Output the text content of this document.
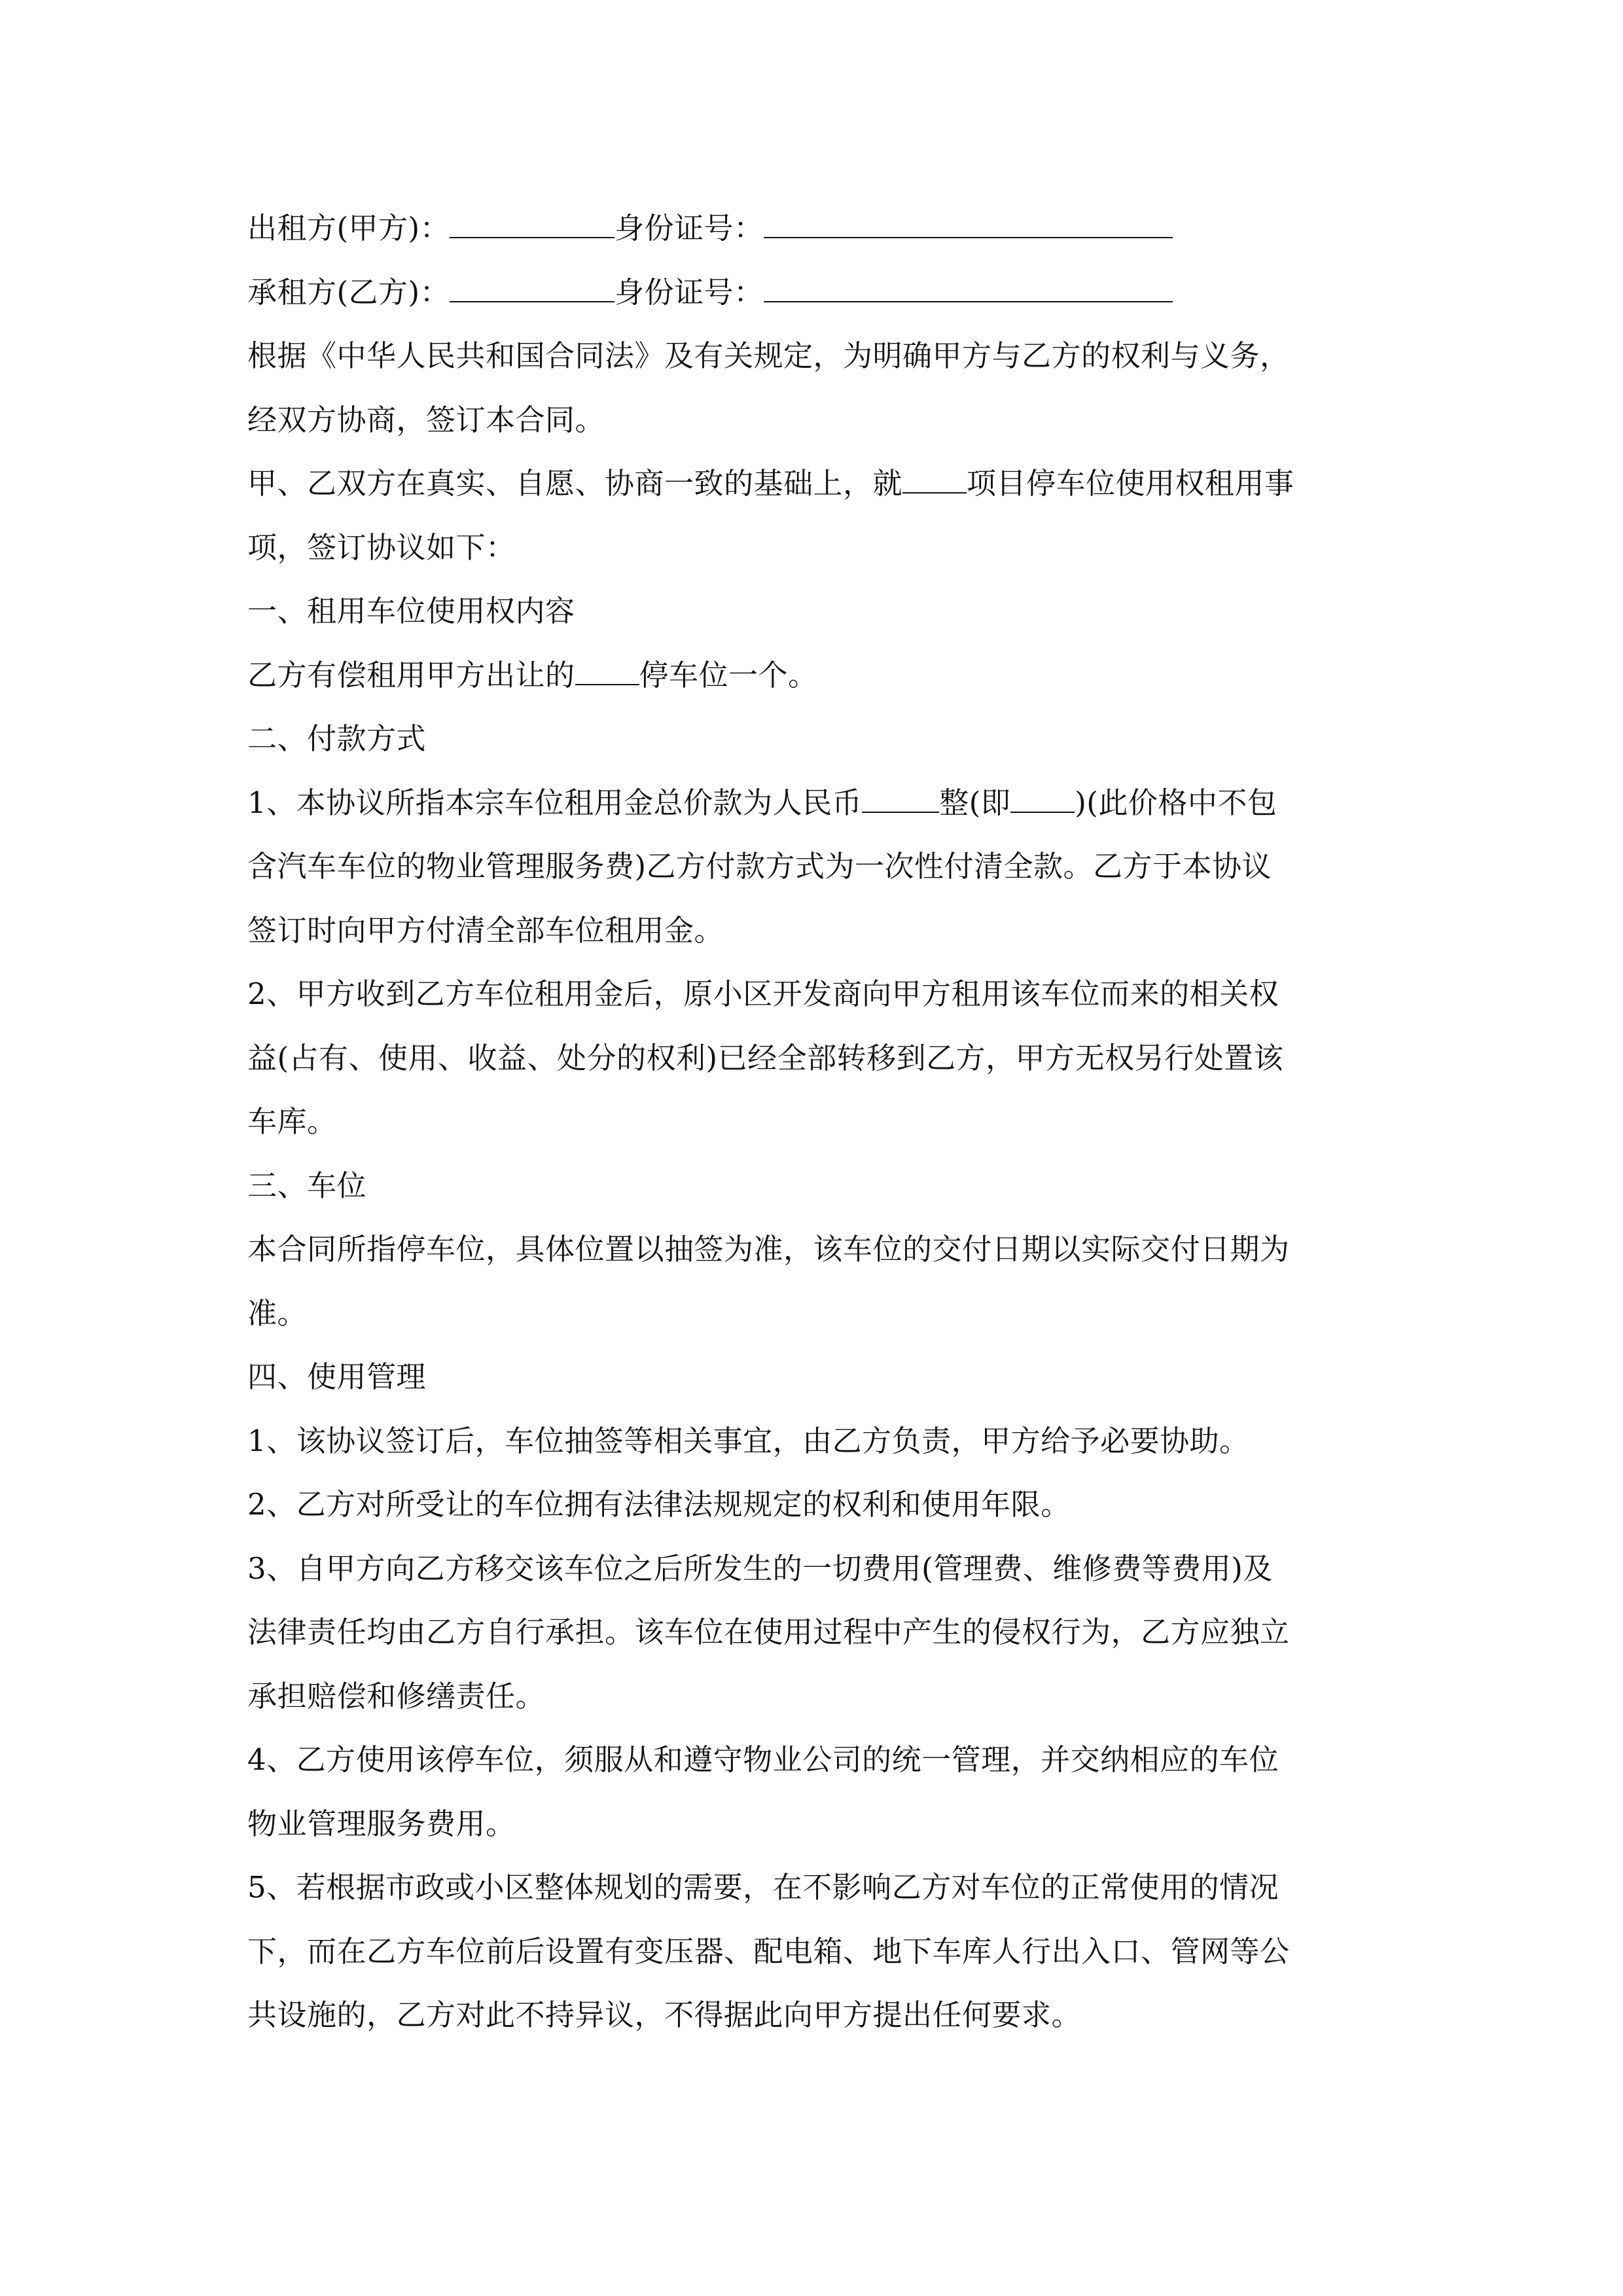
出租方(甲方)：	身份证号：
承租方(乙方)：	身份证号：
根据《中华人民共和国合同法》及有关规定，为明确甲方与乙方的权利与义务，
经双方协商，签订本合同。
甲、乙双方在真实、自愿、协商一致的基础上，就 项目停车位使用权租用事
项，签订协议如下：
一、租用车位使用权内容
乙方有偿租用甲方出让的 停车位一个。
二、付款方式
1、本协议所指本宗车位租用金总价款为人民币	整(即 )(此价格中不包
含汽车车位的物业管理服务费)乙方付款方式为一次性付清全款。乙方于本协议
签订时向甲方付清全部车位租用金。
2、甲方收到乙方车位租用金后，原小区开发商向甲方租用该车位而来的相关权
益(占有、使用、收益、处分的权利)已经全部转移到乙方，甲方无权另行处置该
车库。
三、车位
本合同所指停车位，具体位置以抽签为准，该车位的交付日期以实际交付日期为
准。
四、使用管理
1、该协议签订后，车位抽签等相关事宜，由乙方负责，甲方给予必要协助。
2、乙方对所受让的车位拥有法律法规规定的权利和使用年限。
3、自甲方向乙方移交该车位之后所发生的一切费用(管理费、维修费等费用)及
法律责任均由乙方自行承担。该车位在使用过程中产生的侵权行为，乙方应独立
承担赔偿和修缮责任。
4、乙方使用该停车位，须服从和遵守物业公司的统一管理，并交纳相应的车位
物业管理服务费用。
5、若根据市政或小区整体规划的需要，在不影响乙方对车位的正常使用的情况
下，而在乙方车位前后设置有变压器、配电箱、地下车库人行出入口、管网等公
共设施的，乙方对此不持异议，不得据此向甲方提出任何要求。
